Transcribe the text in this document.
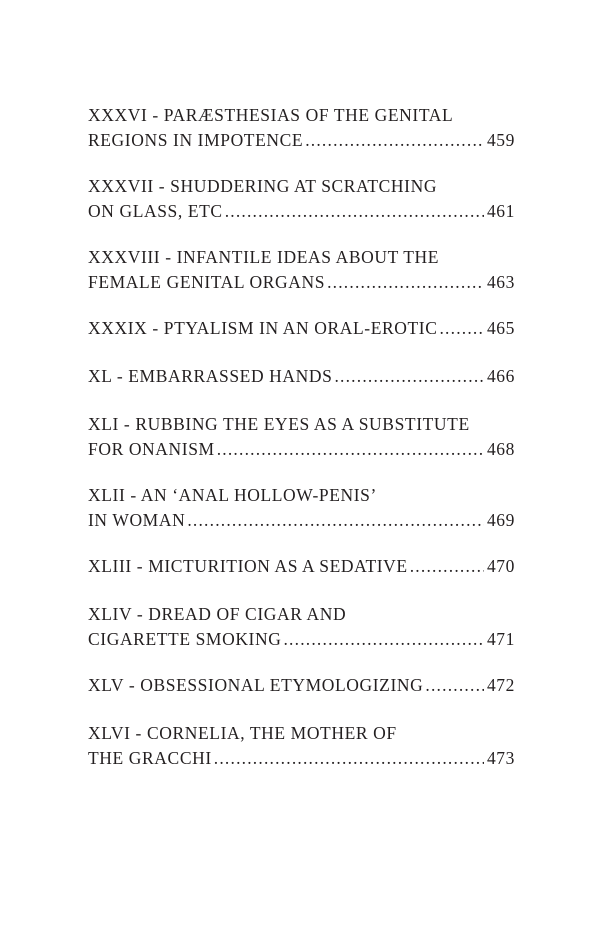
XXXVI - PARÆSTHESIAS OF THE GENITAL
REGIONS IN IMPOTENCE .....	459
XXXVII - SHUDDERING AT SCRATCHING
ON GLASS, ETC .....	461
XXXVIII - INFANTILE IDEAS ABOUT THE
FEMALE GENITAL ORGANS .....	463
XXXIX - PTYALISM IN AN ORAL-EROTIC .....	465
XL - EMBARRASSED HANDS .....	466
XLI - RUBBING THE EYES AS A SUBSTITUTE
FOR ONANISM .....	468
XLII - AN ‘ANAL HOLLOW-PENIS’
IN WOMAN .....	469
XLIII - MICTURITION AS A SEDATIVE .....	470
XLIV - DREAD OF CIGAR AND
CIGARETTE SMOKING .....	471
XLV - OBSESSIONAL ETYMOLOGIZING .....	472
XLVI - CORNELIA, THE MOTHER OF
THE GRACCHI .....	473
